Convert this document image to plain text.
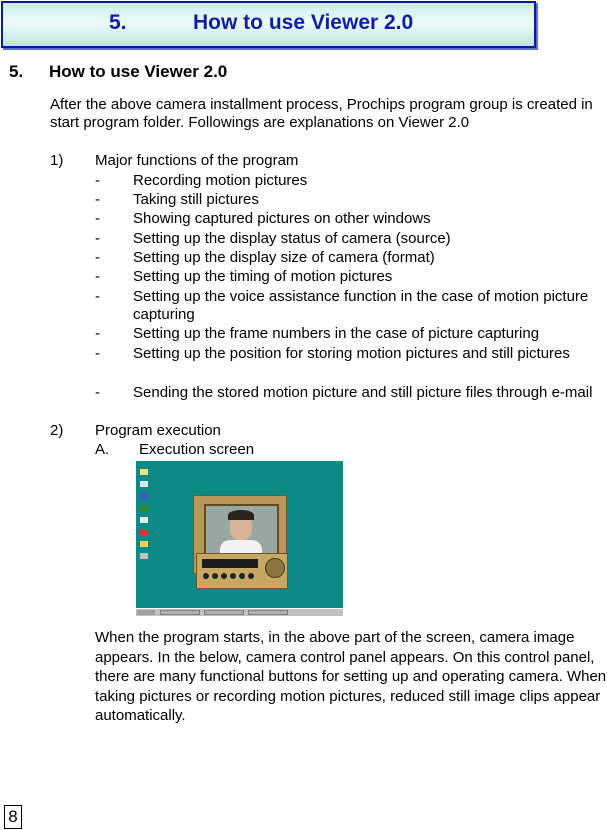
5.	How to use Viewer 2.0
5. How to use Viewer 2.0
After the above camera installment process, Prochips program group is created in start program folder. Followings are explanations on Viewer 2.0
1) Major functions of the program
- Recording motion pictures
- Taking still pictures
- Showing captured pictures on other windows
- Setting up the display status of camera (source)
- Setting up the display size of camera (format)
- Setting up the timing of motion pictures
- Setting up the voice assistance function in the case of motion picture capturing
- Setting up the frame numbers in the case of picture capturing
- Setting up the position for storing motion pictures and still pictures
- Sending the stored motion picture and still picture files through e-mail
2) Program execution
A. Execution screen
When the program starts, in the above part of the screen, camera image appears. In the below, camera control panel appears. On this control panel, there are many functional buttons for setting up and operating camera. When taking pictures or recording motion pictures, reduced still image clips appear automatically.
8
